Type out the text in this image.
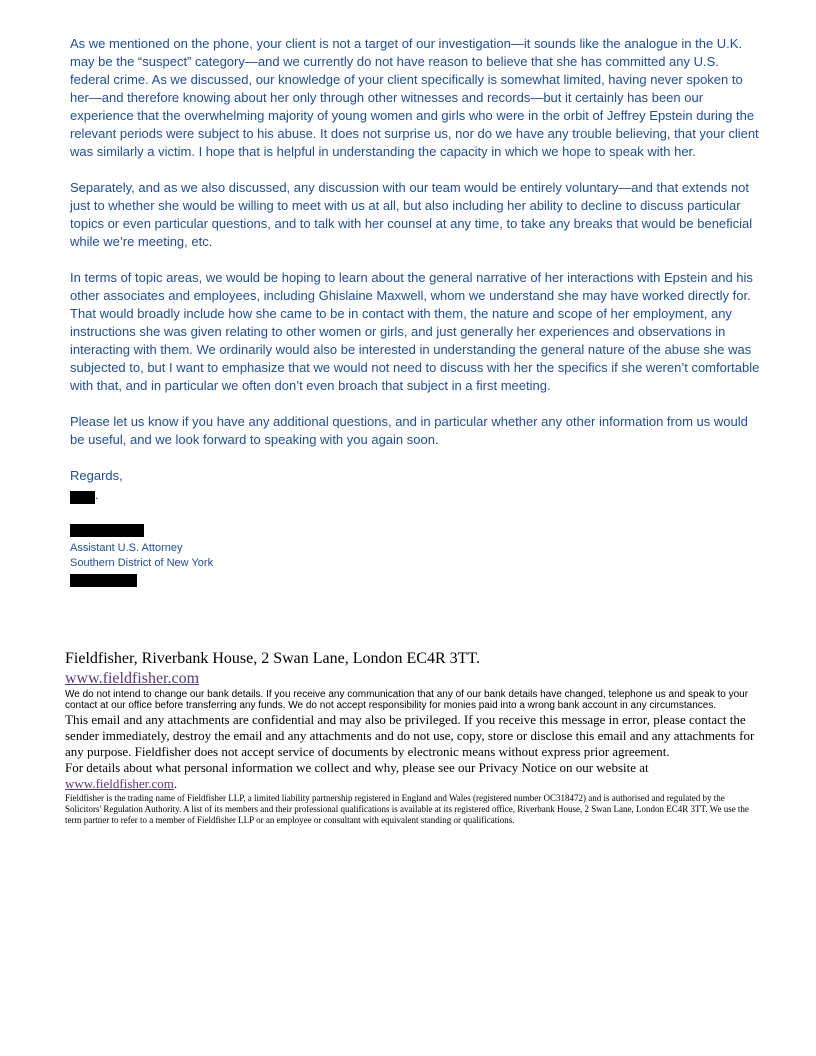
As we mentioned on the phone, your client is not a target of our investigation—it sounds like the analogue in the U.K. may be the “suspect” category—and we currently do not have reason to believe that she has committed any U.S. federal crime. As we discussed, our knowledge of your client specifically is somewhat limited, having never spoken to her—and therefore knowing about her only through other witnesses and records—but it certainly has been our experience that the overwhelming majority of young women and girls who were in the orbit of Jeffrey Epstein during the relevant periods were subject to his abuse. It does not surprise us, nor do we have any trouble believing, that your client was similarly a victim. I hope that is helpful in understanding the capacity in which we hope to speak with her.

Separately, and as we also discussed, any discussion with our team would be entirely voluntary—and that extends not just to whether she would be willing to meet with us at all, but also including her ability to decline to discuss particular topics or even particular questions, and to talk with her counsel at any time, to take any breaks that would be beneficial while we’re meeting, etc.

In terms of topic areas, we would be hoping to learn about the general narrative of her interactions with Epstein and his other associates and employees, including Ghislaine Maxwell, whom we understand she may have worked directly for. That would broadly include how she came to be in contact with them, the nature and scope of her employment, any instructions she was given relating to other women or girls, and just generally her experiences and observations in interacting with them. We ordinarily would also be interested in understanding the general nature of the abuse she was subjected to, but I want to emphasize that we would not need to discuss with her the specifics if she weren’t comfortable with that, and in particular we often don’t even broach that subject in a first meeting.

Please let us know if you have any additional questions, and in particular whether any other information from us would be useful, and we look forward to speaking with you again soon.

Regards,
.
Assistant U.S. Attorney
Southern District of New York
Fieldfisher, Riverbank House, 2 Swan Lane, London EC4R 3TT.
www.fieldfisher.com
We do not intend to change our bank details. If you receive any communication that any of our bank details have changed, telephone us and speak to your contact at our office before transferring any funds. We do not accept responsibility for monies paid into a wrong bank account in any circumstances.
This email and any attachments are confidential and may also be privileged. If you receive this message in error, please contact the sender immediately, destroy the email and any attachments and do not use, copy, store or disclose this email and any attachments for any purpose. Fieldfisher does not accept service of documents by electronic means without express prior agreement.
For details about what personal information we collect and why, please see our Privacy Notice on our website at
www.fieldfisher.com.
Fieldfisher is the trading name of Fieldfisher LLP, a limited liability partnership registered in England and Wales (registered number OC318472) and is authorised and regulated by the Solicitors' Regulation Authority. A list of its members and their professional qualifications is available at its registered office, Riverbank House, 2 Swan Lane, London EC4R 3TT. We use the term partner to refer to a member of Fieldfisher LLP or an employee or consultant with equivalent standing or qualifications.
